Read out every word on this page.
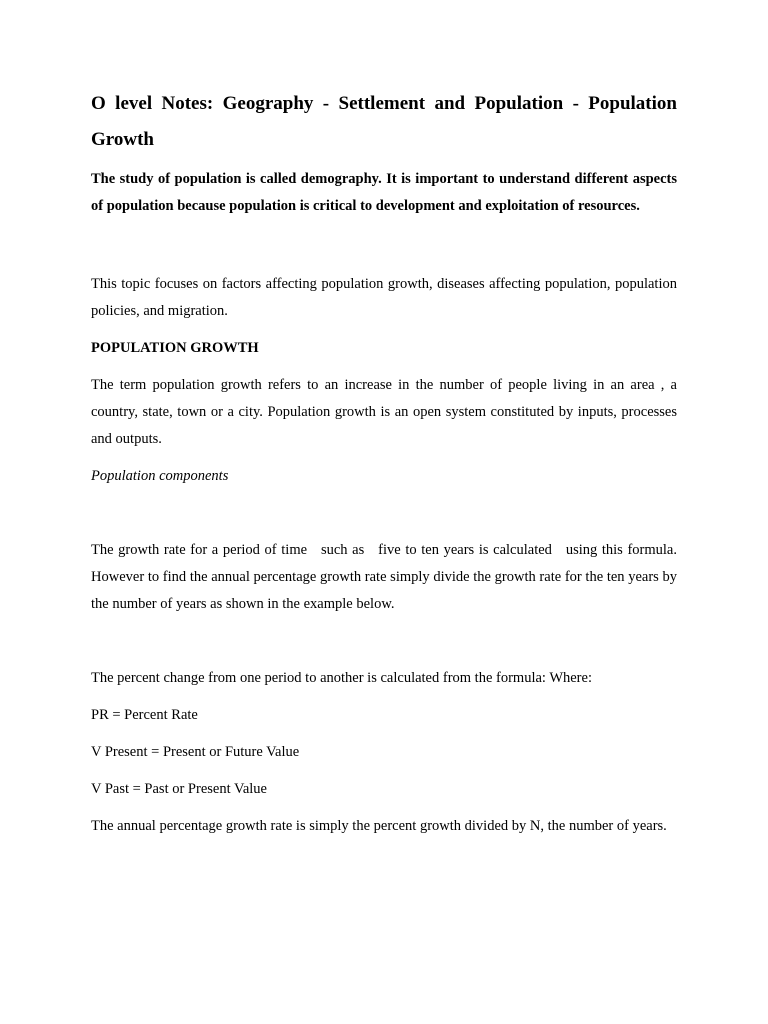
O level Notes: Geography - Settlement and Population - Population Growth

The study of population is called demography. It is important to understand different aspects of population because population is critical to development and exploitation of resources.

This topic focuses on factors affecting population growth, diseases affecting population, population policies, and migration.

POPULATION GROWTH

The term population growth refers to an increase in the number of people living in an area , a country, state, town or a city. Population growth is an open system constituted by inputs, processes and outputs.

Population components

The growth rate for a period of time   such as   five to ten years is calculated   using this formula. However to find the annual percentage growth rate simply divide the growth rate for the ten years by the number of years as shown in the example below.

The percent change from one period to another is calculated from the formula: Where:

PR = Percent Rate

V Present = Present or Future Value

V Past = Past or Present Value

The annual percentage growth rate is simply the percent growth divided by N, the number of years.
